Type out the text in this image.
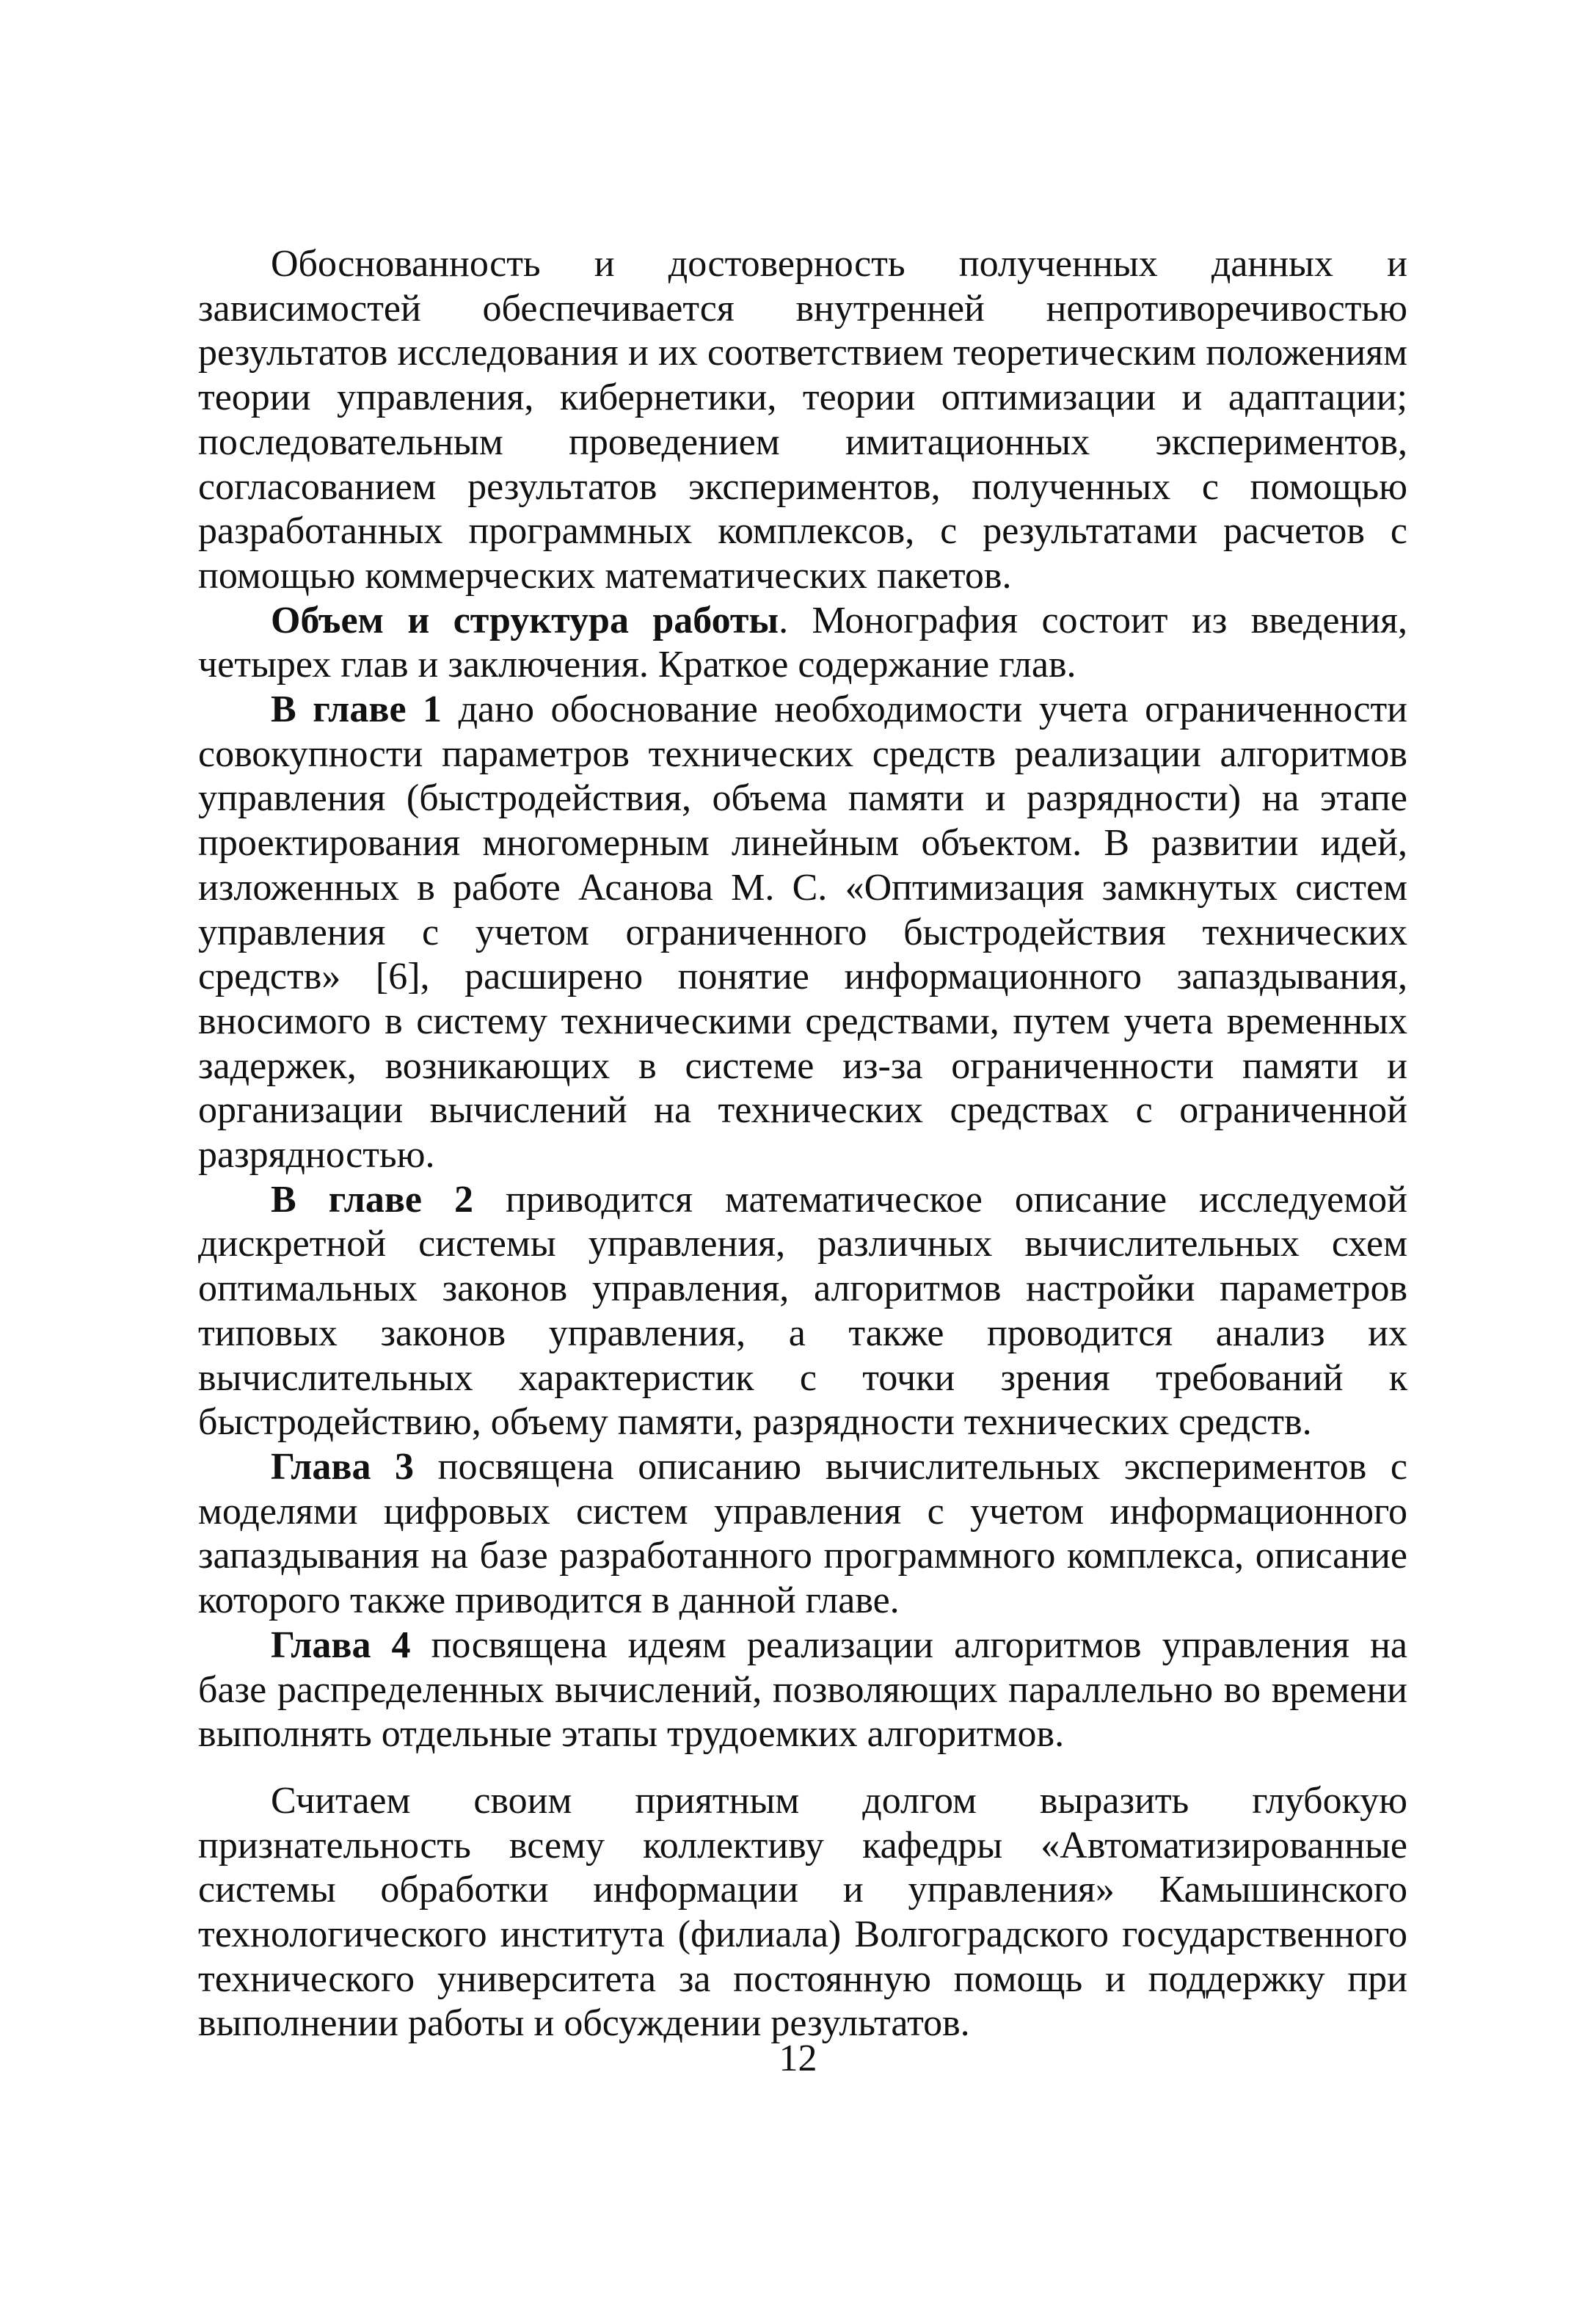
Обоснованность и достоверность полученных данных и зависимостей обеспечивается внутренней непротиворечивостью результатов исследования и их соответствием теоретическим положениям теории управления, кибернетики, теории оптимизации и адаптации; последовательным проведением имитационных экспериментов, согласованием результатов экспериментов, полученных с помощью разработанных программных комплексов, с результатами расчетов с помощью коммерческих математических пакетов.

Объем и структура работы. Монография состоит из введения, четырех глав и заключения. Краткое содержание глав.

В главе 1 дано обоснование необходимости учета ограниченности совокупности параметров технических средств реализации алгоритмов управления (быстродействия, объема памяти и разрядности) на этапе проектирования многомерным линейным объектом. В развитии идей, изложенных в работе Асанова М. С. «Оптимизация замкнутых систем управления с учетом ограниченного быстродействия технических средств» [6], расширено понятие информационного запаздывания, вносимого в систему техническими средствами, путем учета временных задержек, возникающих в системе из-за ограниченности памяти и организации вычислений на технических средствах с ограниченной разрядностью.

В главе 2 приводится математическое описание исследуемой дискретной системы управления, различных вычислительных схем оптимальных законов управления, алгоритмов настройки параметров типовых законов управления, а также проводится анализ их вычислительных характеристик с точки зрения требований к быстродействию, объему памяти, разрядности технических средств.

Глава 3 посвящена описанию вычислительных экспериментов с моделями цифровых систем управления с учетом информационного запаздывания на базе разработанного программного комплекса, описание которого также приводится в данной главе.

Глава 4 посвящена идеям реализации алгоритмов управления на базе распределенных вычислений, позволяющих параллельно во времени выполнять отдельные этапы трудоемких алгоритмов.

Считаем своим приятным долгом выразить глубокую признательность всему коллективу кафедры «Автоматизированные системы обработки информации и управления» Камышинского технологического института (филиала) Волгоградского государственного технического университета за постоянную помощь и поддержку при выполнении работы и обсуждении результатов.

12
